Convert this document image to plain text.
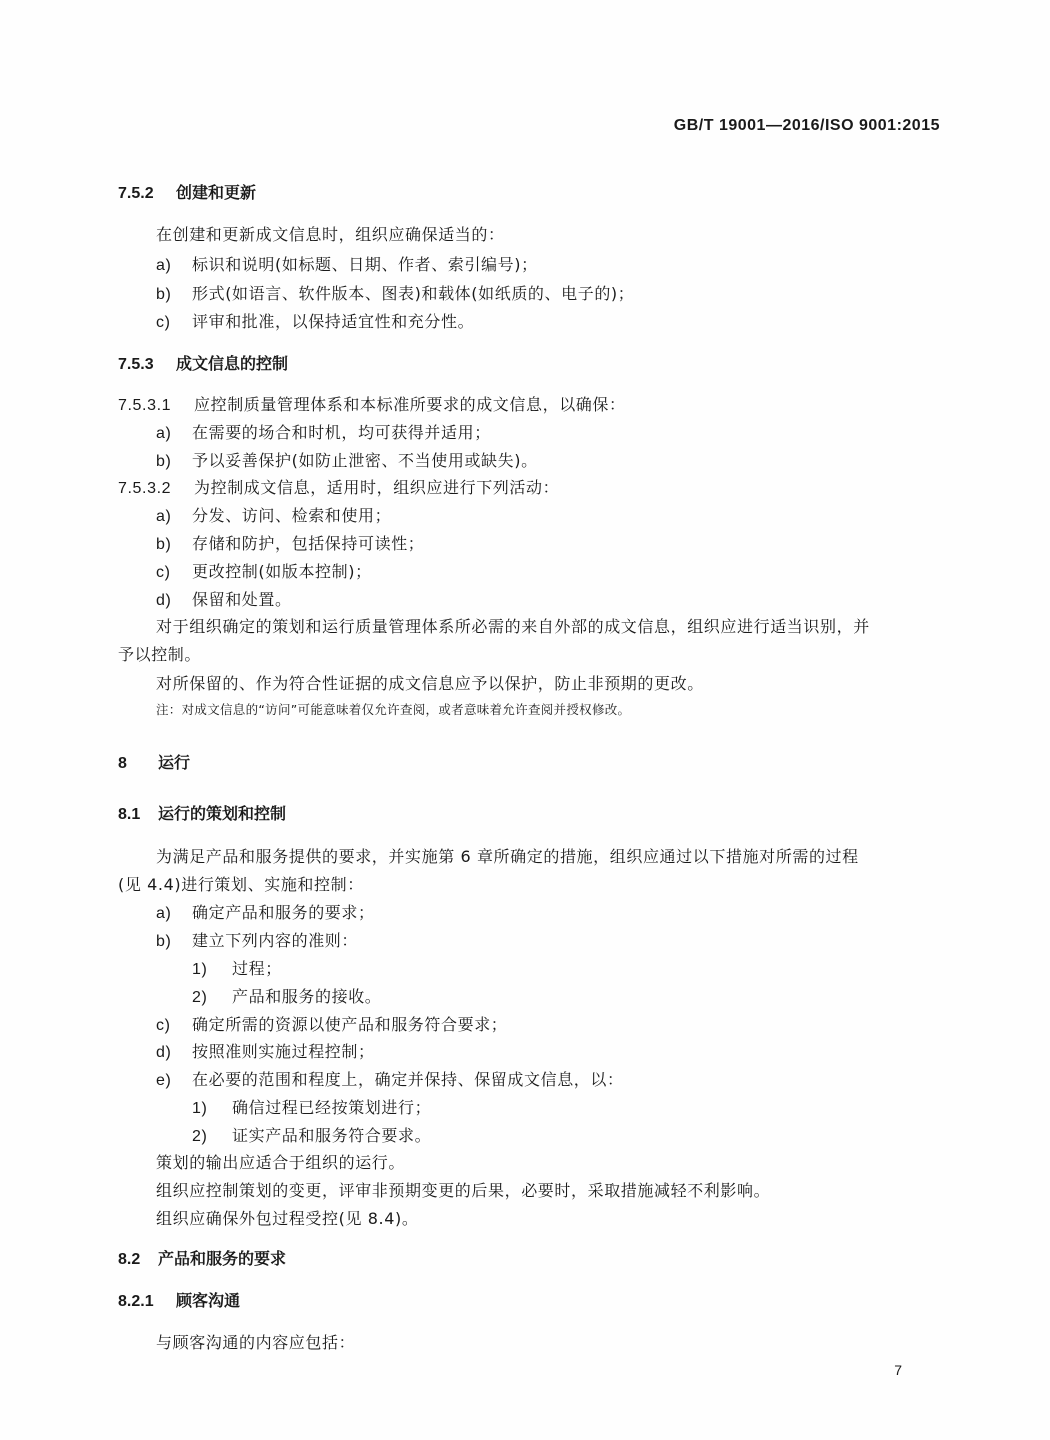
GB/T 19001—2016/ISO 9001:2015
7.5.2 创建和更新
在创建和更新成文信息时，组织应确保适当的：
a) 标识和说明(如标题、日期、作者、索引编号)；
b) 形式(如语言、软件版本、图表)和载体(如纸质的、电子的)；
c) 评审和批准，以保持适宜性和充分性。
7.5.3 成文信息的控制
7.5.3.1 应控制质量管理体系和本标准所要求的成文信息，以确保：
a) 在需要的场合和时机，均可获得并适用；
b) 予以妥善保护(如防止泄密、不当使用或缺失)。
7.5.3.2 为控制成文信息，适用时，组织应进行下列活动：
a) 分发、访问、检索和使用；
b) 存储和防护，包括保持可读性；
c) 更改控制(如版本控制)；
d) 保留和处置。
对于组织确定的策划和运行质量管理体系所必需的来自外部的成文信息，组织应进行适当识别，并
予以控制。
对所保留的、作为符合性证据的成文信息应予以保护，防止非预期的更改。
注：对成文信息的“访问”可能意味着仅允许查阅，或者意味着允许查阅并授权修改。
8 运行
8.1 运行的策划和控制
为满足产品和服务提供的要求，并实施第 6 章所确定的措施，组织应通过以下措施对所需的过程
(见 4.4)进行策划、实施和控制：
a) 确定产品和服务的要求；
b) 建立下列内容的准则：
1) 过程；
2) 产品和服务的接收。
c) 确定所需的资源以使产品和服务符合要求；
d) 按照准则实施过程控制；
e) 在必要的范围和程度上，确定并保持、保留成文信息，以：
1) 确信过程已经按策划进行；
2) 证实产品和服务符合要求。
策划的输出应适合于组织的运行。
组织应控制策划的变更，评审非预期变更的后果，必要时，采取措施减轻不利影响。
组织应确保外包过程受控(见 8.4)。
8.2 产品和服务的要求
8.2.1 顾客沟通
与顾客沟通的内容应包括：
7
